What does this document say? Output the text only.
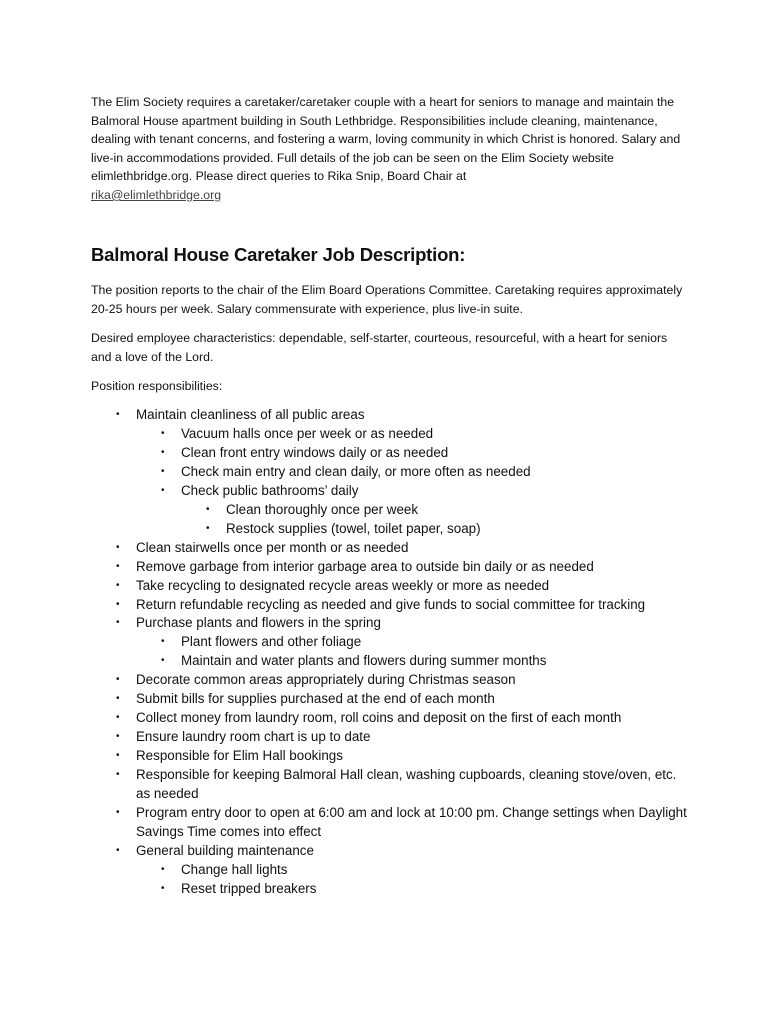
The Elim Society requires a caretaker/caretaker couple with a heart for seniors to manage and maintain the Balmoral House apartment building in South Lethbridge. Responsibilities include cleaning, maintenance, dealing with tenant concerns, and fostering a warm, loving community in which Christ is honored. Salary and live-in accommodations provided. Full details of the job can be seen on the Elim Society website elimlethbridge.org. Please direct queries to Rika Snip, Board Chair at
rika@elimlethbridge.org

Balmoral House Caretaker Job Description:

The position reports to the chair of the Elim Board Operations Committee. Caretaking requires approximately 20-25 hours per week. Salary commensurate with experience, plus live-in suite.

Desired employee characteristics: dependable, self-starter, courteous, resourceful, with a heart for seniors and a love of the Lord.

Position responsibilities:

• Maintain cleanliness of all public areas
• Vacuum halls once per week or as needed
• Clean front entry windows daily or as needed
• Check main entry and clean daily, or more often as needed
• Check public bathrooms’ daily
• Clean thoroughly once per week
• Restock supplies (towel, toilet paper, soap)
• Clean stairwells once per month or as needed
• Remove garbage from interior garbage area to outside bin daily or as needed
• Take recycling to designated recycle areas weekly or more as needed
• Return refundable recycling as needed and give funds to social committee for tracking
• Purchase plants and flowers in the spring
• Plant flowers and other foliage
• Maintain and water plants and flowers during summer months
• Decorate common areas appropriately during Christmas season
• Submit bills for supplies purchased at the end of each month
• Collect money from laundry room, roll coins and deposit on the first of each month
• Ensure laundry room chart is up to date
• Responsible for Elim Hall bookings
• Responsible for keeping Balmoral Hall clean, washing cupboards, cleaning stove/oven, etc. as needed
• Program entry door to open at 6:00 am and lock at 10:00 pm. Change settings when Daylight Savings Time comes into effect
• General building maintenance
• Change hall lights
• Reset tripped breakers
